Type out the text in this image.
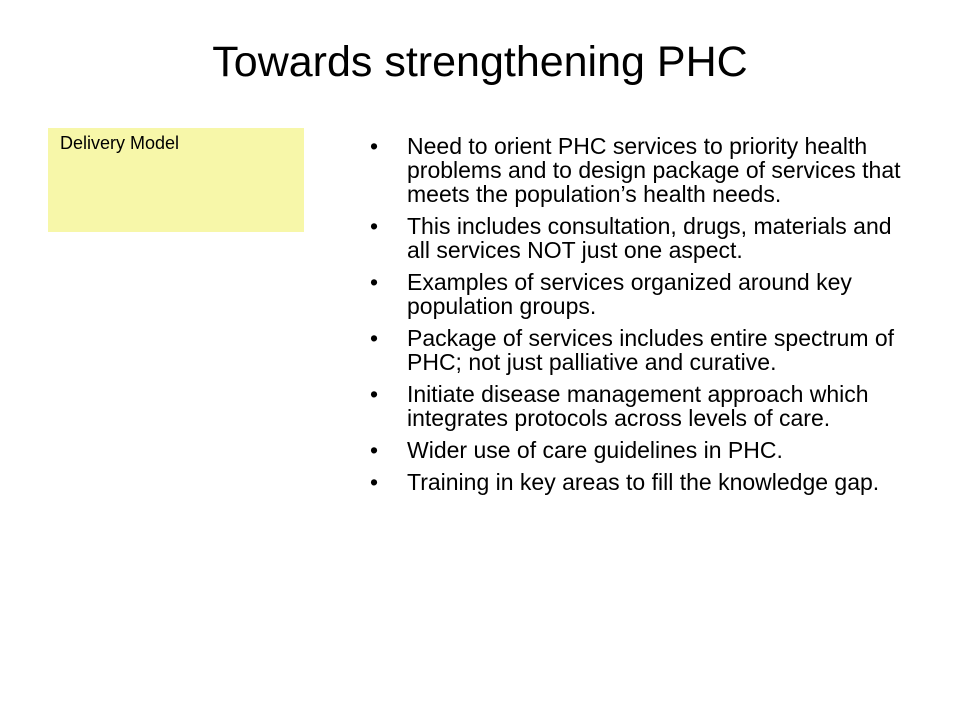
Towards strengthening PHC
Delivery Model	• Need to orient PHC services to priority health problems and to design package of services that meets the population’s health needs.
• This includes consultation, drugs, materials and all services NOT just one aspect.
• Examples of services organized around key population groups.
• Package of services includes entire spectrum of PHC; not just palliative and curative.
• Initiate disease management approach which integrates protocols across levels of care.
• Wider use of care guidelines in PHC.
• Training in key areas to fill the knowledge gap.
